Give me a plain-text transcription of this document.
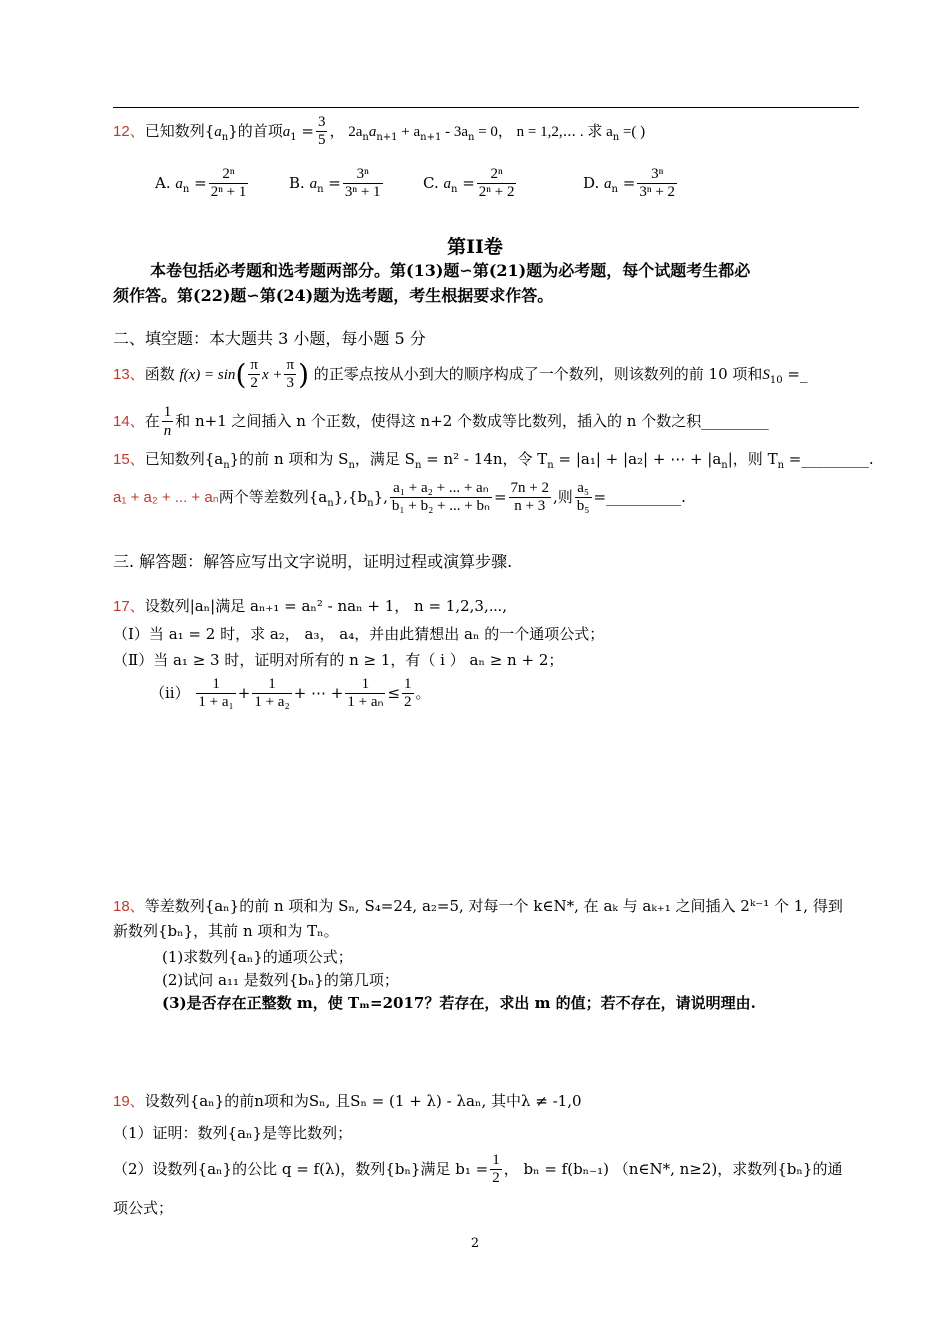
12、已知数列$\{a_n\}$的首项$a_1 = \frac{3}{5}$ ， $2a_na_{n+1} + a_{n+1} - 3a_n = 0$， n = 1,2,⋯ . 求 $a_n$ =( )
A. $a_n = \frac{\text{2ⁿ}}{\text{2ⁿ + 1}}$	B. $a_n = \frac{\text{3ⁿ}}{\text{3ⁿ + 1}}$	C. $a_n = \frac{\text{2ⁿ}}{\text{2ⁿ + 2}}$	D. $a_n = \frac{\text{3ⁿ}}{\text{3ⁿ + 2}}$
第II卷
本卷包括必考题和选考题两部分。第(13)题∽第(21)题为必考题，每个试题考生都必
须作答。第(22)题∽第(24)题为选考题，考生根据要求作答。
二、填空题：本大题共 3 小题，每小题 5 分
13、函数 $f(x) = \sin( \frac{\pi}{2}$ $x + \frac{\pi}{3}$ ) 的正零点按从小到大的顺序构成了一个数列，则该数列的前 10 项和$S_{10}$ =_
14、在 $\frac{1}{n}$ 和 n+1 之间插入 n 个正数，使得这 n+2 个数成等比数列，插入的 n 个数之积_________
15、已知数列$\{a_n\}$的前 n 项和为 $S_n$，满足 $S_n = n^2 - 14n$，令 $T_n = |a_1| + |a_2|$ + ⋯ + $|a_n|$，则 $T_n$ =_________.
a₁ + a₂ + ... + aₙ两个等差数列$\{a_n\},\{b_n\}$, $\frac{\text{a₁ + a₂ + ... + aₙ}}{\text{b₁ + b₂ + ... + bₙ}} = \frac{7n + 2}{n + 3}$ ,则 $\frac{\text{a₅}}{\text{b₅}}$ =__________.
三. 解答题：解答应写出文字说明，证明过程或演算步骤.
17、设数列|aₙ|满足 aₙ₊₁ = aₙ² - naₙ + 1， n = 1,2,3,⋯,
（Ⅰ）当 a₁ = 2 时，求 a₂， a₃， a₄，并由此猜想出 aₙ 的一个通项公式；
（Ⅱ）当 a₁ ≥ 3 时，证明对所有的 n ≥ 1，有（ i ） aₙ ≥ n + 2；
$(ii) \frac{1}{\text{1 + a₁}} + \frac{1}{\text{1 + a₂}}$ + ⋯ + $\frac{1}{\text{1 + aₙ}} \le \frac{1}{2}$ 。
18、等差数列{aₙ}的前 n 项和为 Sₙ, S₄=24, a₂=5, 对每一个 k∈N*, 在 aₖ 与 aₖ₊₁ 之间插入 2ᵏ⁻¹ 个 1, 得到
新数列{bₙ}，其前 n 项和为 Tₙ。
(1)求数列{aₙ}的通项公式；
(2)试问 a₁₁ 是数列{bₙ}的第几项；
(3)是否存在正整数 m，使 Tₘ=2017？若存在，求出 m 的值；若不存在，请说明理由.
19、设数列{aₙ}的前n项和为Sₙ, 且Sₙ = (1 + λ) - λaₙ, 其中λ ≠ -1,0
（1）证明：数列{aₙ}是等比数列；
（2）设数列{aₙ}的公比 q = f(λ)，数列{bₙ}满足 $b_1 = \frac{1}{2}$ ， bₙ = f(bₙ₋₁) （n∈N*, n≥2)，求数列{bₙ}的通
项公式；
2
